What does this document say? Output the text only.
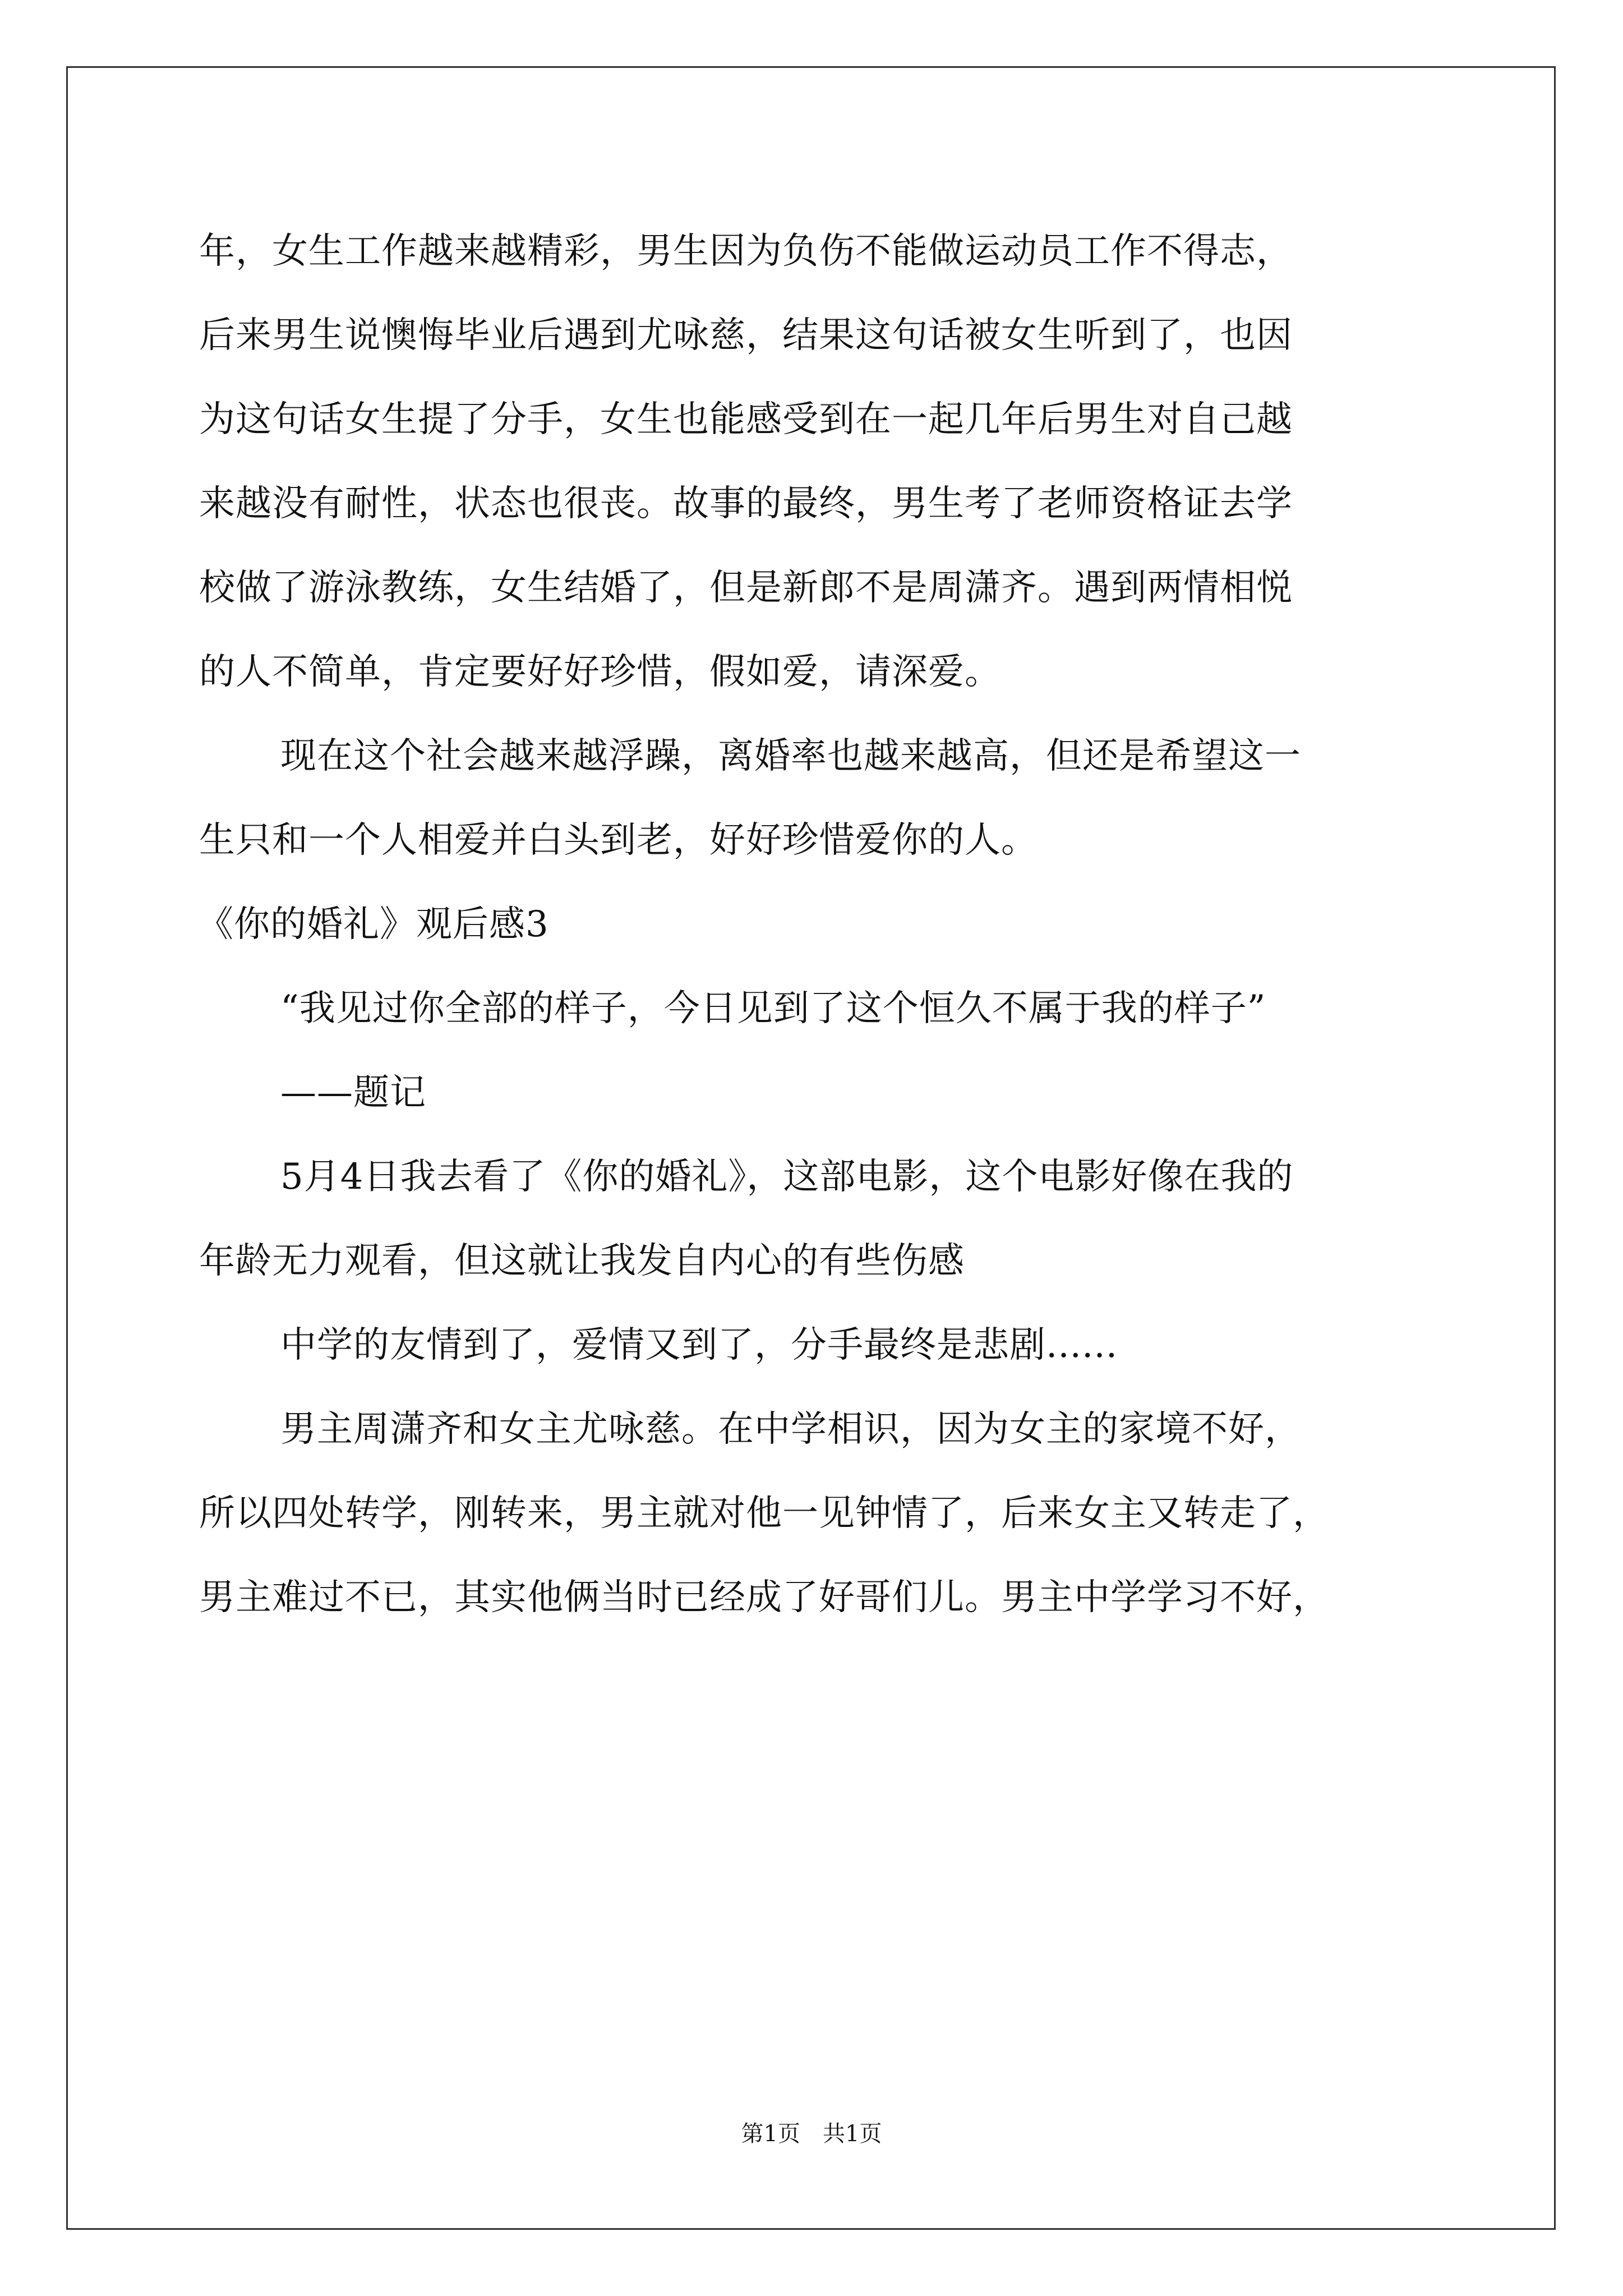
年，女生工作越来越精彩，男生因为负伤不能做运动员工作不得志，
后来男生说懊悔毕业后遇到尤咏慈，结果这句话被女生听到了，也因
为这句话女生提了分手，女生也能感受到在一起几年后男生对自己越
来越没有耐性，状态也很丧。故事的最终，男生考了老师资格证去学
校做了游泳教练，女生结婚了，但是新郎不是周潇齐。遇到两情相悦
的人不简单，肯定要好好珍惜，假如爱，请深爱。
现在这个社会越来越浮躁，离婚率也越来越高，但还是希望这一
生只和一个人相爱并白头到老，好好珍惜爱你的人。
《你的婚礼》观后感3
“我见过你全部的样子，今日见到了这个恒久不属于我的样子”
——题记
5月4日我去看了《你的婚礼》，这部电影，这个电影好像在我的
年龄无力观看，但这就让我发自内心的有些伤感
中学的友情到了，爱情又到了，分手最终是悲剧......
男主周潇齐和女主尤咏慈。在中学相识，因为女主的家境不好，
所以四处转学，刚转来，男主就对他一见钟情了，后来女主又转走了，
男主难过不已，其实他俩当时已经成了好哥们儿。男主中学学习不好，
第1页 共1页
